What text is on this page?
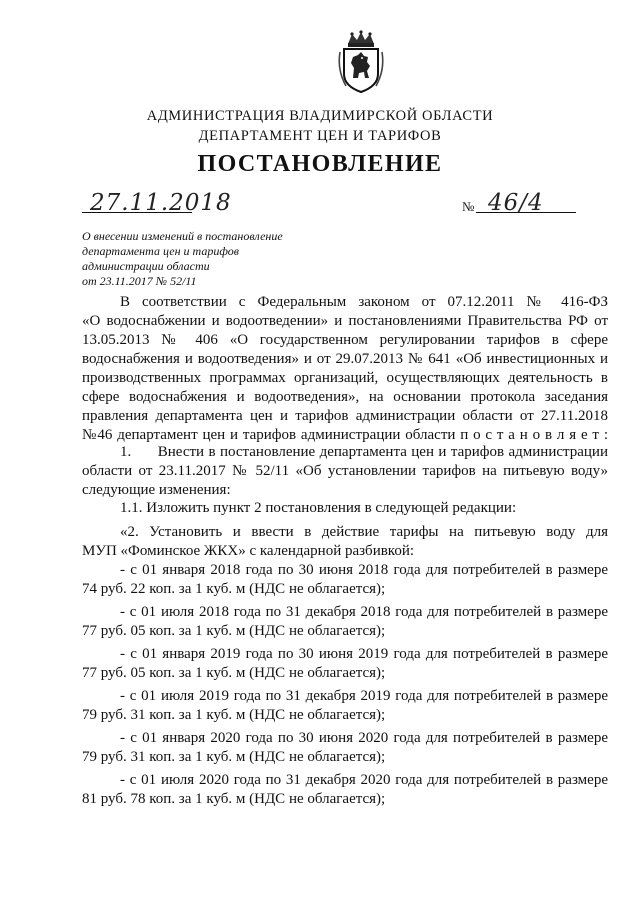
АДМИНИСТРАЦИЯ ВЛАДИМИРСКОЙ ОБЛАСТИ
ДЕПАРТАМЕНТ ЦЕН И ТАРИФОВ
ПОСТАНОВЛЕНИЕ
27.11.2018	№ 46/4
О внесении изменений в постановление
департамента цен и тарифов
администрации области
от 23.11.2017 № 52/11
В соответствии с Федеральным законом от 07.12.2011 № 416-ФЗ
«О водоснабжении и водоотведении» и постановлениями Правительства РФ от
13.05.2013 № 406 «О государственном регулировании тарифов в сфере
водоснабжения и водоотведения» и от 29.07.2013 № 641 «Об инвестиционных и
производственных программах организаций, осуществляющих деятельность в
сфере водоснабжения и водоотведения», на основании протокола заседания
правления департамента цен и тарифов администрации области от 27.11.2018
№46 департамент цен и тарифов администрации области п о с т а н о в л я е т :
1.      Внести в постановление департамента цен и тарифов администрации
области от 23.11.2017 № 52/11 «Об установлении тарифов на питьевую воду»
следующие изменения:
1.1. Изложить пункт 2 постановления в следующей редакции:
«2. Установить и ввести в действие тарифы на питьевую воду для
МУП «Фоминское ЖКХ» с календарной разбивкой:
- с 01 января 2018 года по 30 июня 2018 года для потребителей в размере
74 руб. 22 коп. за 1 куб. м (НДС не облагается);
- с 01 июля 2018 года по 31 декабря 2018 года для потребителей в размере
77 руб. 05 коп. за 1 куб. м (НДС не облагается);
- с 01 января 2019 года по 30 июня 2019 года для потребителей в размере
77 руб. 05 коп. за 1 куб. м (НДС не облагается);
- с 01 июля 2019 года по 31 декабря 2019 года для потребителей в размере
79 руб. 31 коп. за 1 куб. м (НДС не облагается);
- с 01 января 2020 года по 30 июня 2020 года для потребителей в размере
79 руб. 31 коп. за 1 куб. м (НДС не облагается);
- с 01 июля 2020 года по 31 декабря 2020 года для потребителей в размере
81 руб. 78 коп. за 1 куб. м (НДС не облагается);
